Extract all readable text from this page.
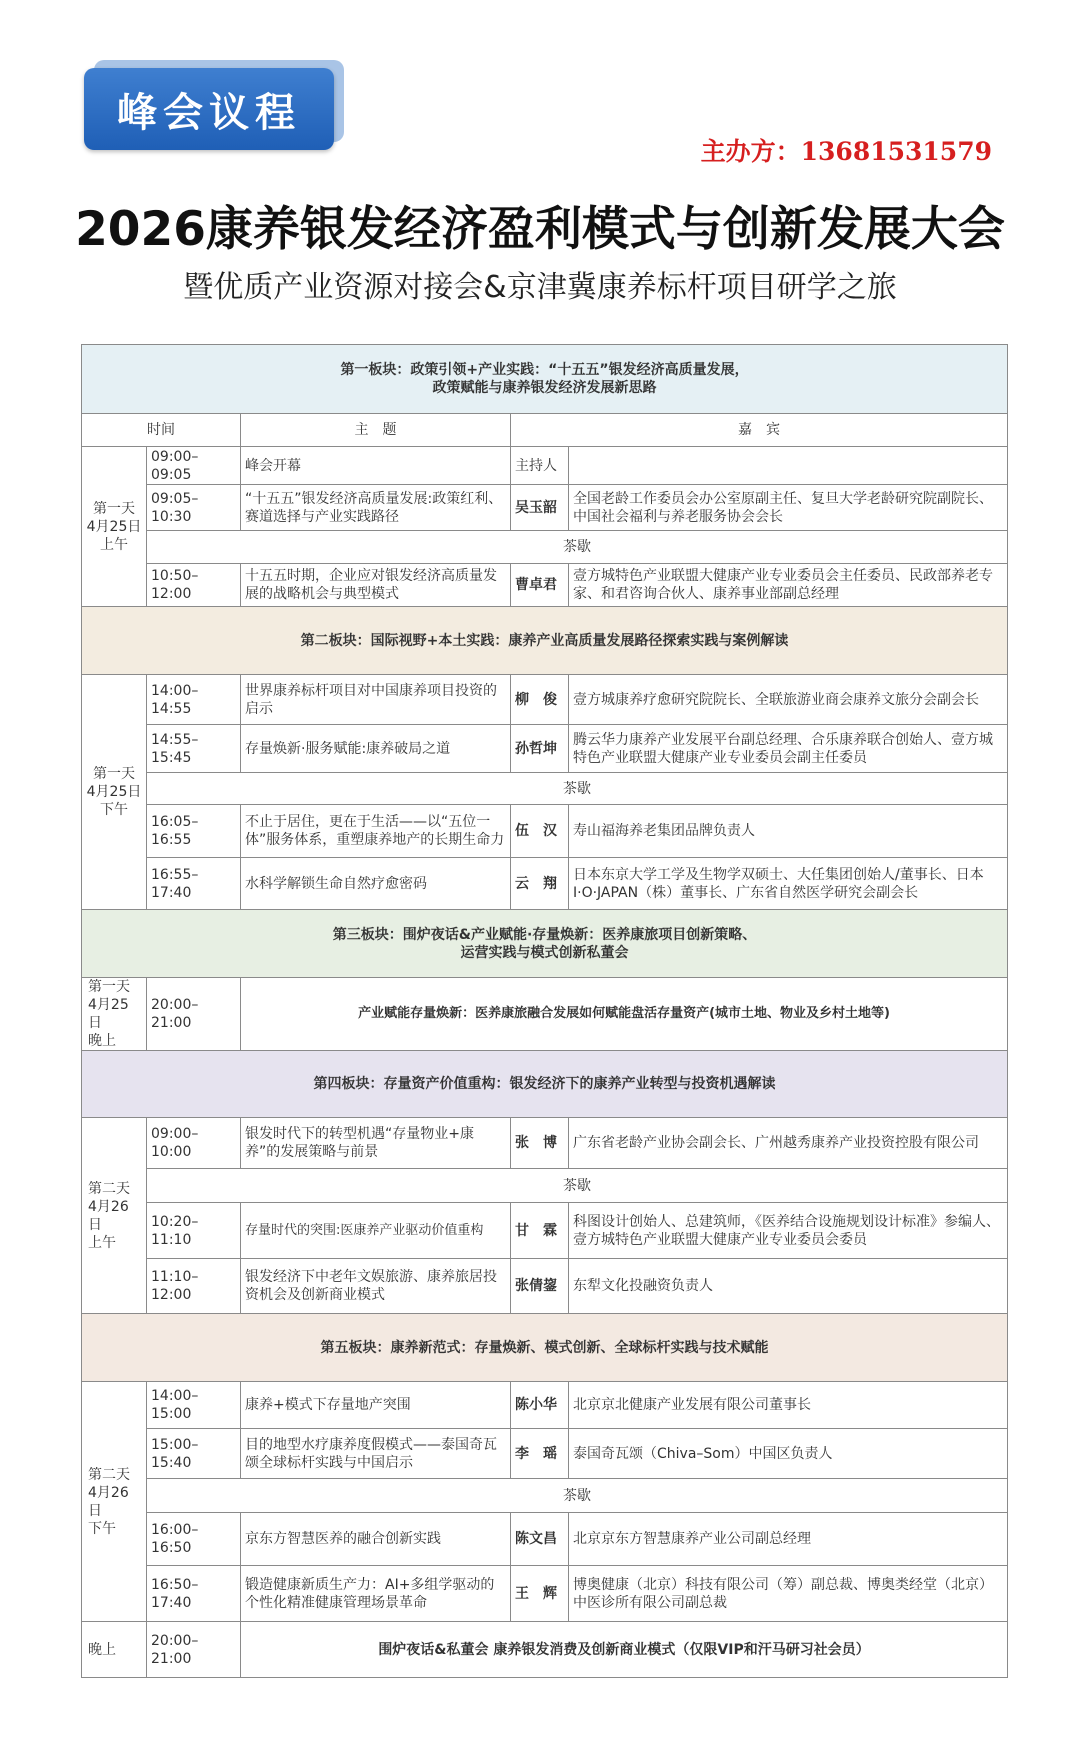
峰会议程
主办方：13681531579
2026康养银发经济盈利模式与创新发展大会
暨优质产业资源对接会&京津冀康养标杆项目研学之旅
第一板块：政策引领+产业实践：“十五五”银发经济高质量发展，
政策赋能与康养银发经济发展新思路				
时间		主　题	嘉　宾	
第一天
4月25日
上午	09:00–09:05	峰会开幕	主持人	
	09:05–10:30	“十五五”银发经济高质量发展:政策红利、赛道选择与产业实践路径	吴玉韶	全国老龄工作委员会办公室原副主任、复旦大学老龄研究院副院长、中国社会福利与养老服务协会会长
	茶歇			
	10:50–12:00	十五五时期，企业应对银发经济高质量发展的战略机会与典型模式	曹卓君	壹方城特色产业联盟大健康产业专业委员会主任委员、民政部养老专家、和君咨询合伙人、康养事业部副总经理
第二板块：国际视野+本土实践：康养产业高质量发展路径探索实践与案例解读				
第一天
4月25日
下午	14:00–14:55	世界康养标杆项目对中国康养项目投资的启示	柳　俊	壹方城康养疗愈研究院院长、全联旅游业商会康养文旅分会副会长
	14:55–15:45	存量焕新·服务赋能:康养破局之道	孙哲坤	腾云华力康养产业发展平台副总经理、合乐康养联合创始人、壹方城特色产业联盟大健康产业专业委员会副主任委员
	茶歇			
	16:05–16:55	不止于居住，更在于生活——以“五位一体”服务体系，重塑康养地产的长期生命力	伍　汉	寿山福海养老集团品牌负责人
	16:55–17:40	水科学解锁生命自然疗愈密码	云　翔	日本东京大学工学及生物学双硕士、大任集团创始人/董事长、日本I·O·JAPAN（株）董事长、广东省自然医学研究会副会长
第三板块：围炉夜话&产业赋能·存量焕新：医养康旅项目创新策略、
运营实践与模式创新私董会				
第一天
4月25日
晚上	20:00–21:00	产业赋能存量焕新：医养康旅融合发展如何赋能盘活存量资产(城市土地、物业及乡村土地等)		
第四板块：存量资产价值重构：银发经济下的康养产业转型与投资机遇解读				
第二天
4月26日
上午	09:00–10:00	银发时代下的转型机遇“存量物业+康养”的发展策略与前景	张　博	广东省老龄产业协会副会长、广州越秀康养产业投资控股有限公司
	茶歇			
	10:20–11:10	存量时代的突围:医康养产业驱动价值重构	甘　霖	科图设计创始人、总建筑师，《医养结合设施规划设计标准》参编人、壹方城特色产业联盟大健康产业专业委员会委员
	11:10–12:00	银发经济下中老年文娱旅游、康养旅居投资机会及创新商业模式	张倩鋆	东犁文化投融资负责人
第五板块：康养新范式：存量焕新、模式创新、全球标杆实践与技术赋能				
第二天
4月26日
下午	14:00–15:00	康养+模式下存量地产突围	陈小华	北京京北健康产业发展有限公司董事长
	15:00–15:40	目的地型水疗康养度假模式——泰国奇瓦颂全球标杆实践与中国启示	李　瑶	泰国奇瓦颂（Chiva–Som）中国区负责人
	茶歇			
	16:00–16:50	京东方智慧医养的融合创新实践	陈文昌	北京京东方智慧康养产业公司副总经理
	16:50–17:40	锻造健康新质生产力：AI+多组学驱动的个性化精准健康管理场景革命	王　辉	博奥健康（北京）科技有限公司（筹）副总裁、博奥类经堂（北京）中医诊所有限公司副总裁
晚上	20:00–21:00	围炉夜话&私董会 康养银发消费及创新商业模式（仅限VIP和汗马研习社会员）		
